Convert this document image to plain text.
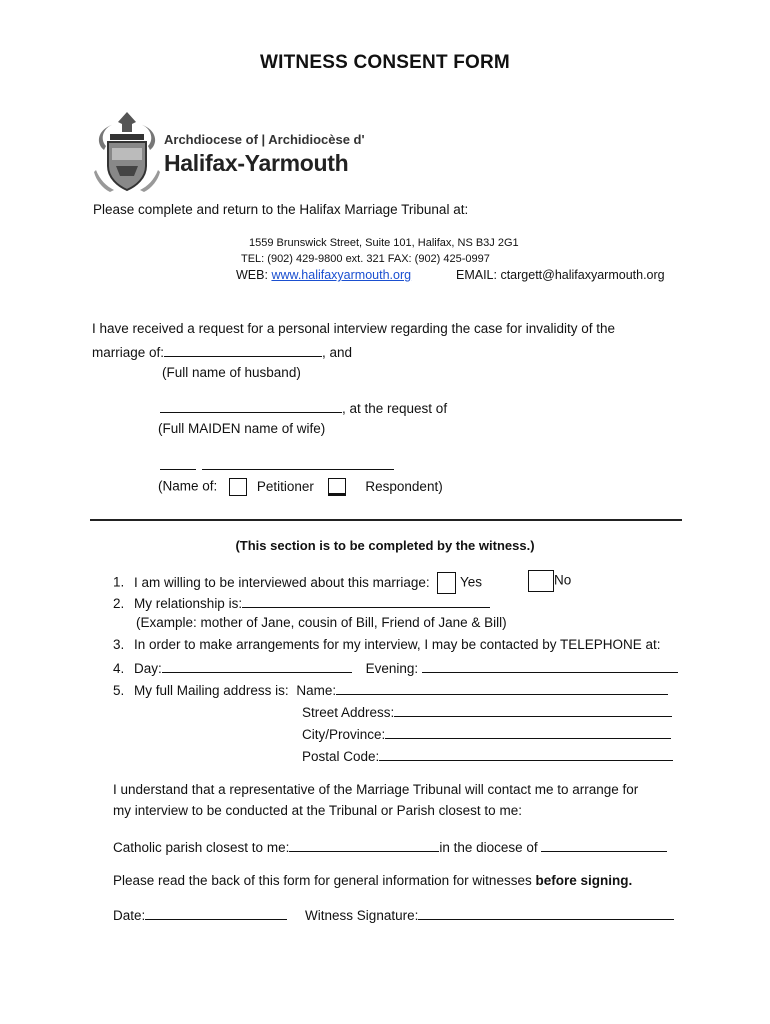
WITNESS CONSENT FORM
Archdiocese of | Archidiocèse d'
Halifax-Yarmouth
Please complete and return to the Halifax Marriage Tribunal at:
1559 Brunswick Street, Suite 101, Halifax, NS B3J 2G1
TEL: (902) 429-9800 ext. 321 FAX: (902) 425-0997
WEB: www.halifaxyarmouth.org	EMAIL: ctargett@halifaxyarmouth.org
I have received a request for a personal interview regarding the case for invalidity of the
marriage of:	, and
(Full name of husband)
, at the request of
(Full MAIDEN name of wife)

(Name of:	Petitioner	Respondent)
(This section is to be completed by the witness.)
1. I am willing to be interviewed about this marriage: Yes	No
2. My relationship is:
(Example: mother of Jane, cousin of Bill, Friend of Jane & Bill)
3. In order to make arrangements for my interview, I may be contacted by TELEPHONE at:
4. Day:	Evening:
5. My full Mailing address is: Name:
Street Address:
City/Province:
Postal Code:
I understand that a representative of the Marriage Tribunal will contact me to arrange for
my interview to be conducted at the Tribunal or Parish closest to me:
Catholic parish closest to me:	in the diocese of
Please read the back of this form for general information for witnesses before signing.
Date:	Witness Signature:
